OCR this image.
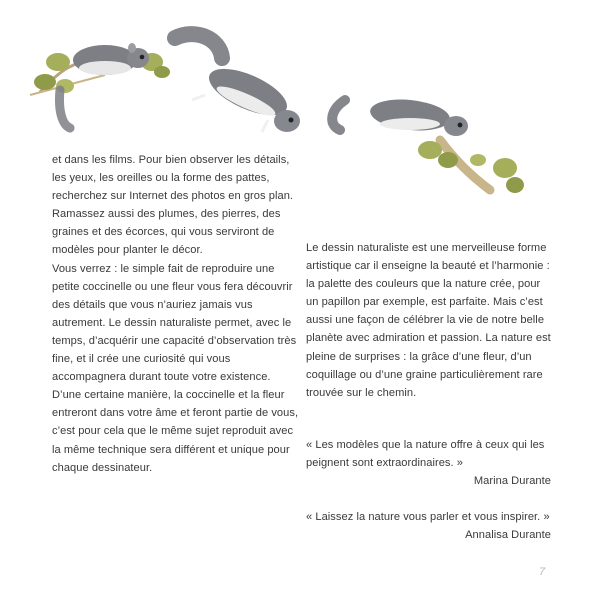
et dans les films. Pour bien observer les détails, les yeux, les oreilles ou la forme des pattes, recherchez sur Internet des photos en gros plan. Ramassez aussi des plumes, des pierres, des graines et des écorces, qui vous serviront de modèles pour planter le décor.

Vous verrez : le simple fait de reproduire une petite coccinelle ou une fleur vous fera découvrir des détails que vous n’auriez jamais vus autrement. Le dessin naturaliste permet, avec le temps, d’acquérir une capacité d’observation très fine, et il crée une curiosité qui vous accompagnera durant toute votre existence.

D’une certaine manière, la coccinelle et la fleur entreront dans votre âme et feront partie de vous, c’est pour cela que le même sujet reproduit avec la même technique sera différent et unique pour chaque dessinateur.

Le dessin naturaliste est une merveilleuse forme artistique car il enseigne la beauté et l’harmonie : la palette des couleurs que la nature crée, pour un papillon par exemple, est parfaite. Mais c’est aussi une façon de célébrer la vie de notre belle planète avec admiration et passion. La nature est pleine de surprises : la grâce d’une fleur, d’un coquillage ou d’une graine particulièrement rare trouvée sur le chemin.

« Les modèles que la nature offre à ceux qui les peignent sont extraordinaires. »

Marina Durante

« Laissez la nature vous parler et vous inspirer. »

Annalisa Durante

7
